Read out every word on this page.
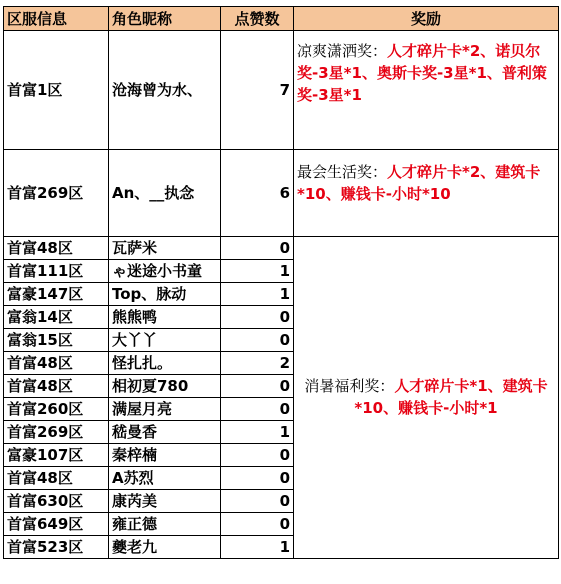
区服信息	角色昵称	点赞数	奖励
首富1区	沧海曾为水、	7	凉爽潇洒奖：人才碎片卡*2、诺贝尔奖-3星*1、奥斯卡奖-3星*1、普利策奖-3星*1
首富269区	An、__执念	6	最会生活奖：人才碎片卡*2、建筑卡*10、赚钱卡-小时*10
首富48区	瓦萨米	0	消暑福利奖：人才碎片卡*1、建筑卡*10、赚钱卡-小时*1
首富111区	ゃ迷途小书童	1	
富豪147区	Top、脉动	1	
富翁14区	熊熊鸭	0	
富翁15区	大丫丫	0	
首富48区	怪扎扎。	2	
首富48区	相初夏780	0	
首富260区	满屋月亮	0	
首富269区	嵇曼香	1	
富豪107区	秦梓楠	0	
首富48区	A苏烈	0	
首富630区	康芮美	0	
首富649区	雍正德	0	
首富523区	夔老九	1	
